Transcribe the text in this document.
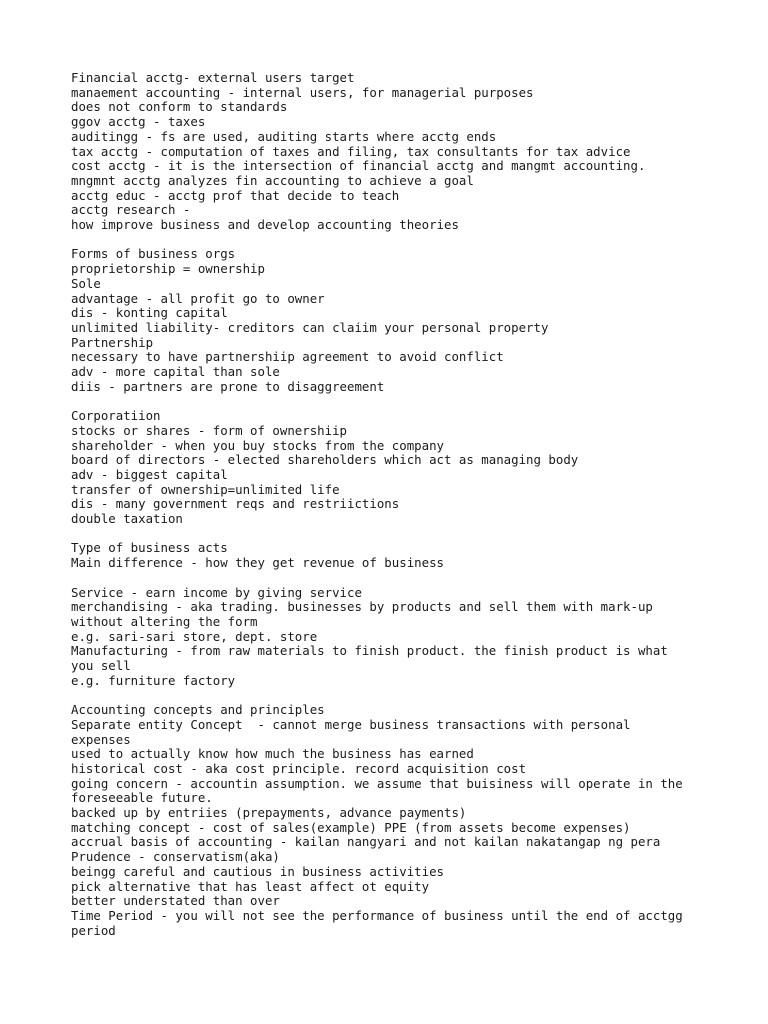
Financial acctg- external users target
manaement accounting - internal users, for managerial purposes
does not conform to standards
ggov acctg - taxes
auditingg - fs are used, auditing starts where acctg ends
tax acctg - computation of taxes and filing, tax consultants for tax advice
cost acctg - it is the intersection of financial acctg and mangmt accounting.
mngmnt acctg analyzes fin accounting to achieve a goal
acctg educ - acctg prof that decide to teach
acctg research -
how improve business and develop accounting theories
Forms of business orgs
proprietorship = ownership
Sole
advantage - all profit go to owner
dis - konting capital
unlimited liability- creditors can claiim your personal property
Partnership
necessary to have partnershiip agreement to avoid conflict
adv - more capital than sole
diis - partners are prone to disaggreement
Corporatiion
stocks or shares - form of ownershiip
shareholder - when you buy stocks from the company
board of directors - elected shareholders which act as managing body
adv - biggest capital
transfer of ownership=unlimited life
dis - many government reqs and restriictions
double taxation
Type of business acts
Main difference - how they get revenue of business
Service - earn income by giving service
merchandising - aka trading. businesses by products and sell them with mark-up
without altering the form
e.g. sari-sari store, dept. store
Manufacturing - from raw materials to finish product. the finish product is what
you sell
e.g. furniture factory
Accounting concepts and principles
Separate entity Concept  - cannot merge business transactions with personal
expenses
used to actually know how much the business has earned
historical cost - aka cost principle. record acquisition cost
going concern - accountin assumption. we assume that buisiness will operate in the
foreseeable future.
backed up by entriies (prepayments, advance payments)
matching concept - cost of sales(example) PPE (from assets become expenses)
accrual basis of accounting - kailan nangyari and not kailan nakatangap ng pera
Prudence - conservatism(aka)
beingg careful and cautious in business activities
pick alternative that has least affect ot equity
better understated than over
Time Period - you will not see the performance of business until the end of acctgg
period
